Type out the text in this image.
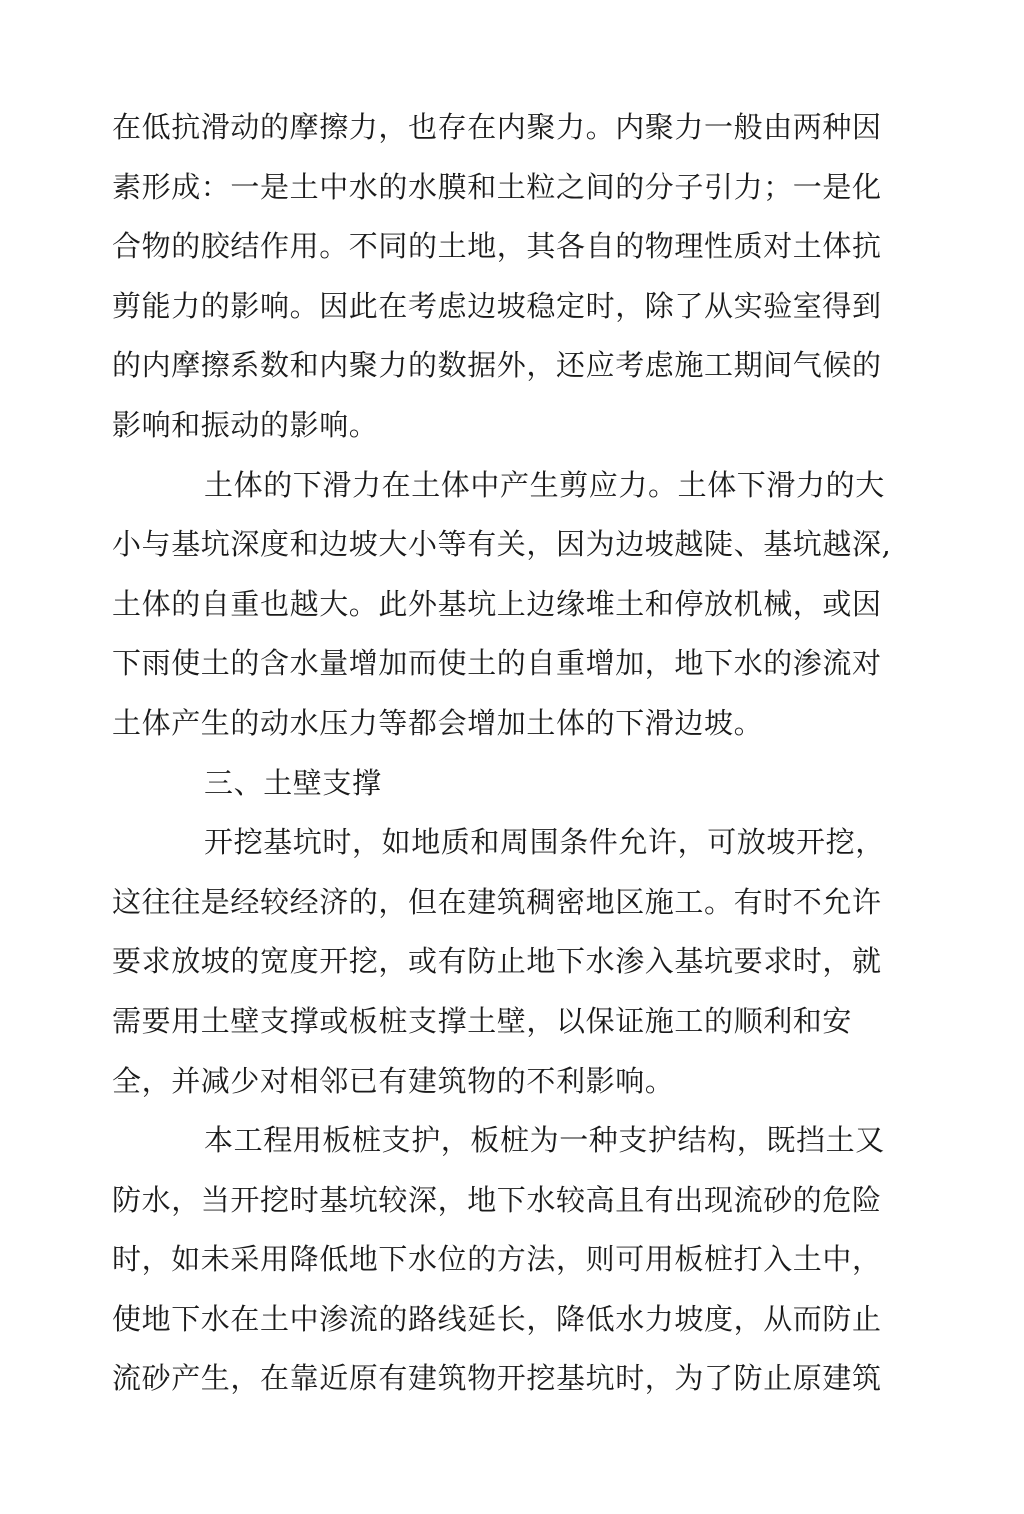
在低抗滑动的摩擦力，也存在内聚力。内聚力一般由两种因
素形成：一是土中水的水膜和土粒之间的分子引力；一是化
合物的胶结作用。不同的土地，其各自的物理性质对土体抗
剪能力的影响。因此在考虑边坡稳定时，除了从实验室得到
的内摩擦系数和内聚力的数据外，还应考虑施工期间气候的
影响和振动的影响。
土体的下滑力在土体中产生剪应力。土体下滑力的大
小与基坑深度和边坡大小等有关，因为边坡越陡、基坑越深,
土体的自重也越大。此外基坑上边缘堆土和停放机械，或因
下雨使土的含水量增加而使土的自重增加，地下水的渗流对
土体产生的动水压力等都会增加土体的下滑边坡。
三、土壁支撑
开挖基坑时，如地质和周围条件允许，可放坡开挖，
这往往是经较经济的，但在建筑稠密地区施工。有时不允许
要求放坡的宽度开挖，或有防止地下水渗入基坑要求时，就
需要用土壁支撑或板桩支撑土壁，以保证施工的顺利和安
全，并减少对相邻已有建筑物的不利影响。
本工程用板桩支护，板桩为一种支护结构，既挡土又
防水，当开挖时基坑较深，地下水较高且有出现流砂的危险
时，如未采用降低地下水位的方法，则可用板桩打入土中，
使地下水在土中渗流的路线延长，降低水力坡度，从而防止
流砂产生，在靠近原有建筑物开挖基坑时，为了防止原建筑
